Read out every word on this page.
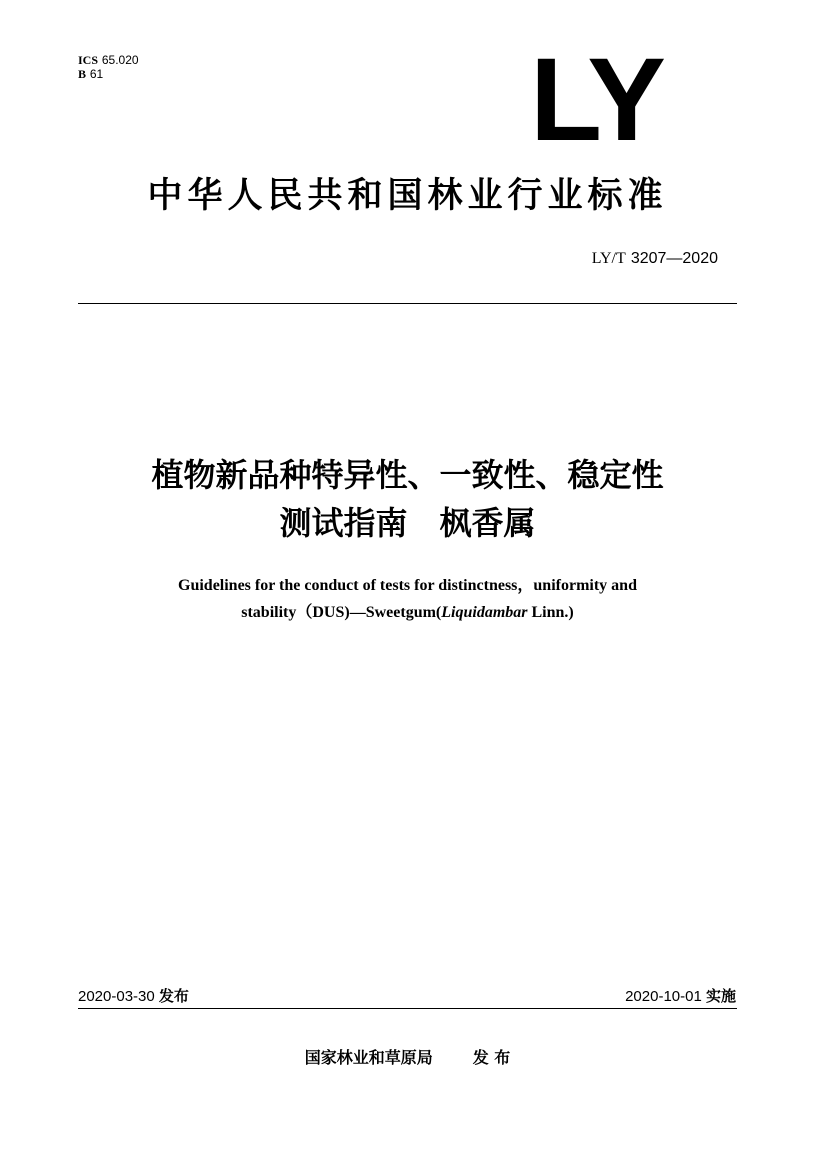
ICS 65.020
B 61	LY
中华人民共和国林业行业标准
LY/T 3207—2020
植物新品种特异性、一致性、稳定性
测试指南　枫香属
Guidelines for the conduct of tests for distinctness，uniformity and
stability（DUS)—Sweetgum(Liquidambar Linn.)
2020-03-30 发布	2020-10-01 实施
国家林业和草原局	发 布
